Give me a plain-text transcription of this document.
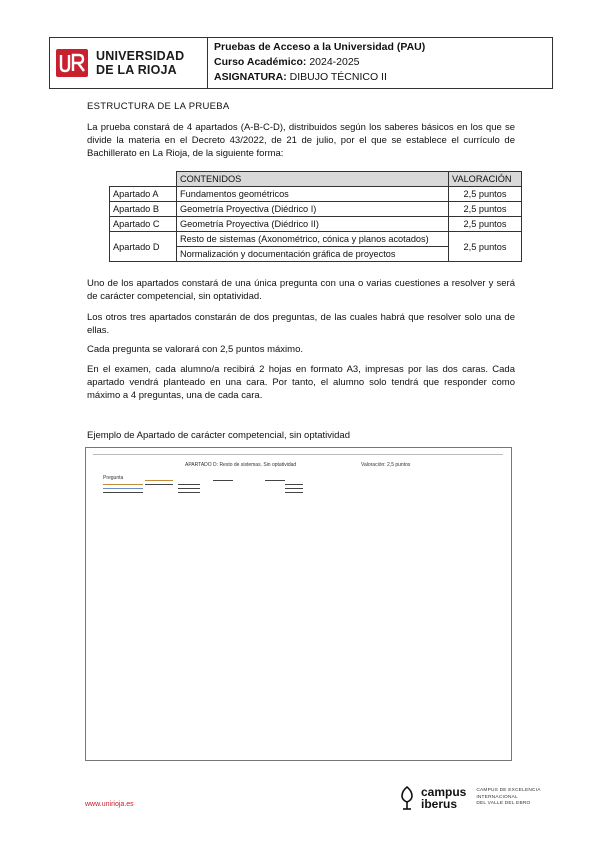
UNIVERSIDAD
DE LA RIOJA
Pruebas de Acceso a la Universidad (PAU)
Curso Académico: 2024-2025
ASIGNATURA: DIBUJO TÉCNICO II
ESTRUCTURA DE LA PRUEBA
La prueba constará de 4 apartados (A-B-C-D), distribuidos según los saberes básicos en los que se divide la materia en el Decreto 43/2022, de 21 de julio, por el que se establece el currículo de Bachillerato en La Rioja, de la siguiente forma:
	CONTENIDOS	VALORACIÓN
Apartado A	Fundamentos geométricos	2,5 puntos
Apartado B	Geometría Proyectiva (Diédrico I)	2,5 puntos
Apartado C	Geometría Proyectiva (Diédrico II)	2,5 puntos
Apartado D	Resto de sistemas (Axonométrico, cónica y planos acotados)	2,5 puntos
	Normalización y documentación gráfica de proyectos	
Uno de los apartados constará de una única pregunta con una o varias cuestiones a resolver y será de carácter competencial, sin optatividad.
Los otros tres apartados constarán de dos preguntas, de las cuales habrá que resolver solo una de ellas.
Cada pregunta se valorará con 2,5 puntos máximo.
En el examen, cada alumno/a recibirá 2 hojas en formato A3, impresas por las dos caras. Cada apartado vendrá planteado en una cara. Por tanto, el alumno solo tendrá que responder como máximo a 4 preguntas, una de cada cara.
Ejemplo de Apartado de carácter competencial, sin optatividad
APARTADO D: Resto de sistemas. Sin optatividad	Valoración: 2,5 puntos
Pregunta
www.unirioja.es
campus
iberus
CAMPUS DE EXCELENCIA
INTERNACIONAL
DEL VALLE DEL EBRO
